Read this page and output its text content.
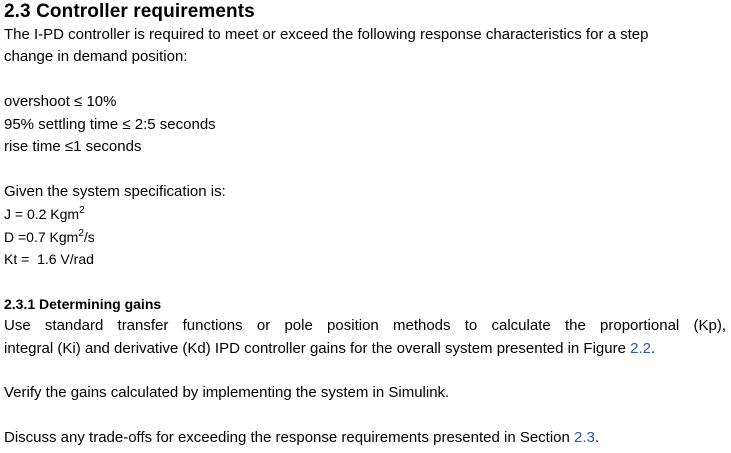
2.3 Controller requirements
The I-PD controller is required to meet or exceed the following response characteristics for a step
change in demand position:
overshoot ≤ 10%
95% settling time ≤ 2:5 seconds
rise time ≤1 seconds
Given the system specification is:
J = 0.2 Kgm$^2$
D =0.7 Kgm$^2$/s
Kt =  1.6 V/rad
2.3.1 Determining gains
Use standard transfer functions or pole position methods to calculate the proportional (Kp),
integral (Ki) and derivative (Kd) IPD controller gains for the overall system presented in Figure 2.2.
Verify the gains calculated by implementing the system in Simulink.
Discuss any trade-offs for exceeding the response requirements presented in Section 2.3.
